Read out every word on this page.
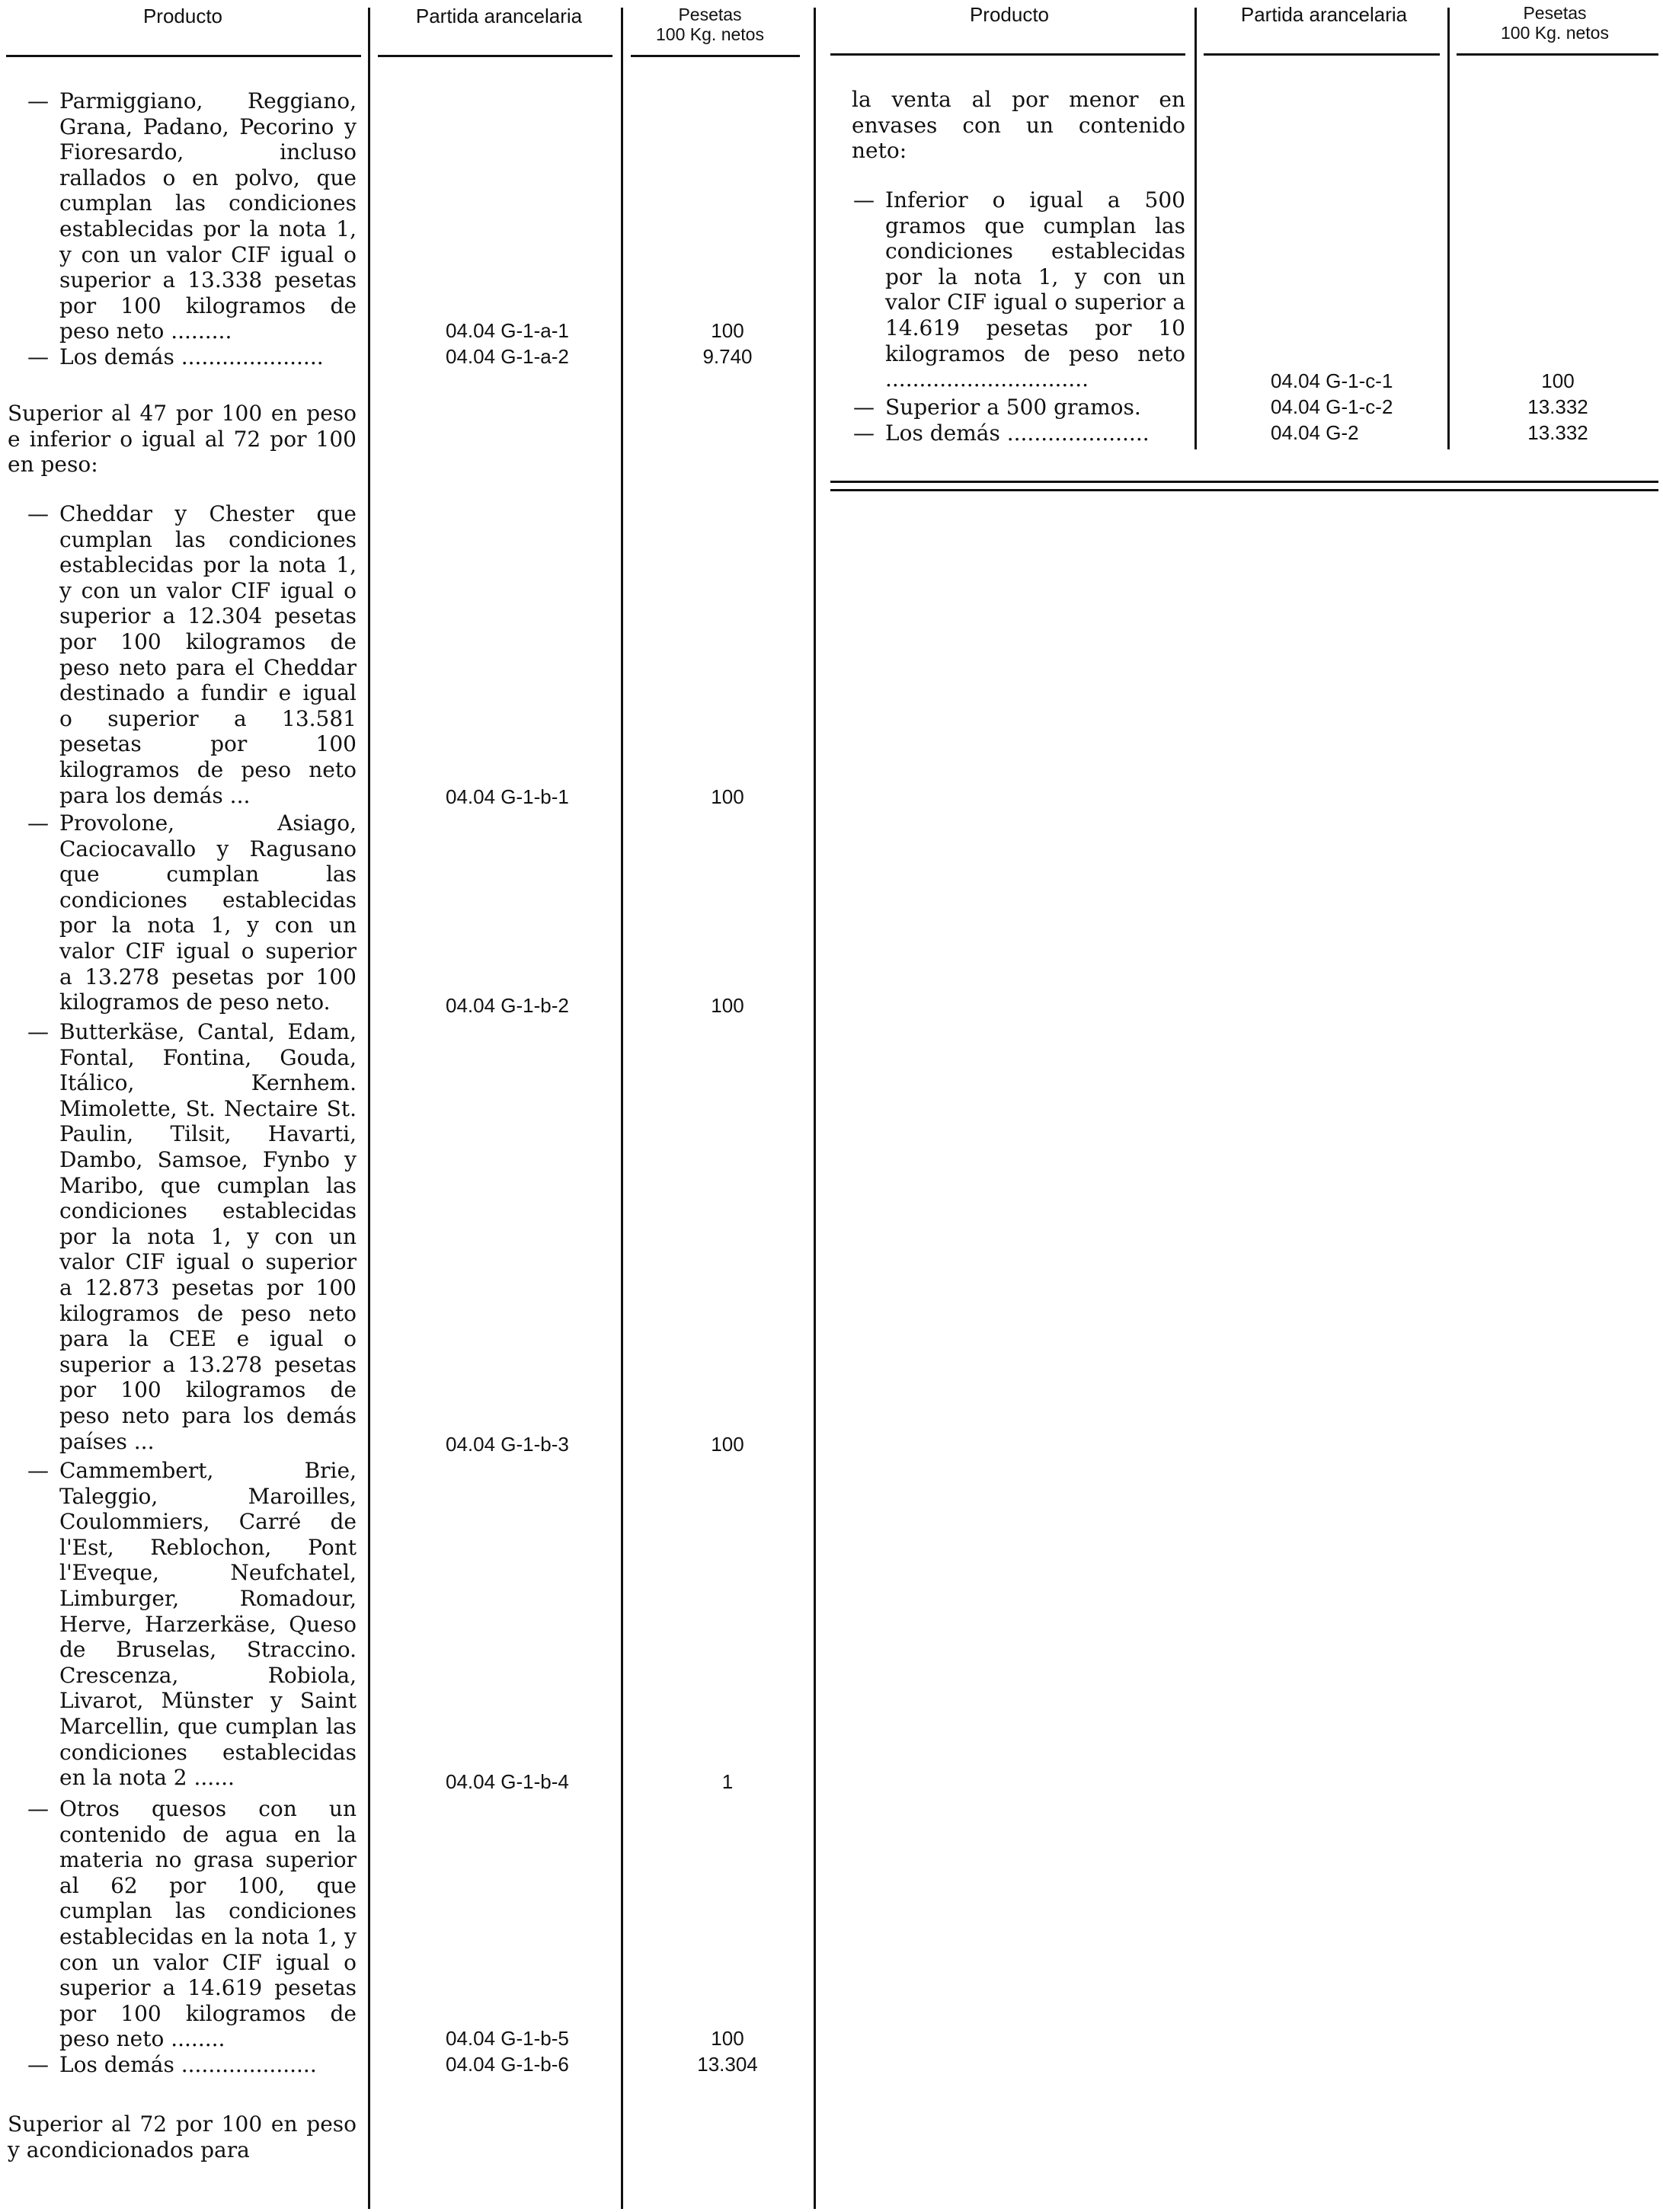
Producto	Partida arancelaria	Pesetas
100 Kg. netos
Producto	Partida arancelaria	Pesetas
100 Kg. netos
— Parmiggiano, Reggiano, Grana, Padano, Pecorino y Fioresardo, incluso rallados o en polvo, que cumplan las condiciones establecidas por la nota 1, y con un valor CIF igual o superior a 13.338 pesetas por 100 kilogramos de peso neto .........	04.04 G-1-a-1	100
— Los demás .....................	04.04 G-1-a-2	9.740
Superior al 47 por 100 en peso e inferior o igual al 72 por 100 en peso:
— Cheddar y Chester que cumplan las condiciones establecidas por la nota 1, y con un valor CIF igual o superior a 12.304 pesetas por 100 kilogramos de peso neto para el Cheddar destinado a fundir e igual o superior a 13.581 pesetas por 100 kilogramos de peso neto para los demás ...	04.04 G-1-b-1	100
— Provolone, Asiago, Caciocavallo y Ragusano que cumplan las condiciones establecidas por la nota 1, y con un valor CIF igual o superior a 13.278 pesetas por 100 kilogramos de peso neto.	04.04 G-1-b-2	100
— Butterkäse, Cantal, Edam, Fontal, Fontina, Gouda, Itálico, Kernhem. Mimolette, St. Nectaire St. Paulin, Tilsit, Havarti, Dambo, Samsoe, Fynbo y Maribo, que cumplan las condiciones establecidas por la nota 1, y con un valor CIF igual o superior a 12.873 pesetas por 100 kilogramos de peso neto para la CEE e igual o superior a 13.278 pesetas por 100 kilogramos de peso neto para los demás países ...	04.04 G-1-b-3	100
— Cammembert, Brie, Taleggio, Maroilles, Coulommiers, Carré de l'Est, Reblochon, Pont l'Eveque, Neufchatel, Limburger, Romadour, Herve, Harzerkäse, Queso de Bruselas, Straccino. Crescenza, Robiola, Livarot, Münster y Saint Marcellin, que cumplan las condiciones establecidas en la nota 2 ......	04.04 G-1-b-4	1
— Otros quesos con un contenido de agua en la materia no grasa superior al 62 por 100, que cumplan las condiciones establecidas en la nota 1, y con un valor CIF igual o superior a 14.619 pesetas por 100 kilogramos de peso neto ........	04.04 G-1-b-5	100
— Los demás ....................	04.04 G-1-b-6	13.304
Superior al 72 por 100 en peso y acondicionados para
la venta al por menor en envases con un contenido neto:
— Inferior o igual a 500 gramos que cumplan las condiciones establecidas por la nota 1, y con un valor CIF igual o superior a 14.619 pesetas por 10 kilogramos de peso neto ..............................	04.04 G-1-c-1	100
— Superior a 500 gramos.	04.04 G-1-c-2	13.332
— Los demás .....................	04.04 G-2	13.332
